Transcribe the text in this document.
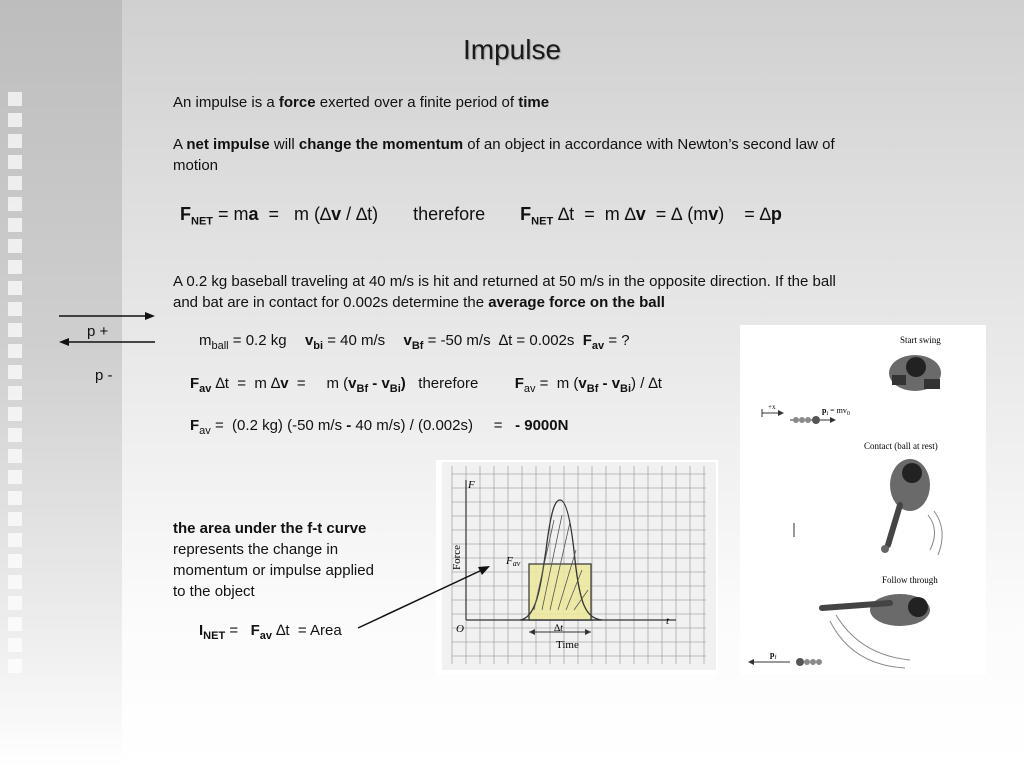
Impulse
An impulse is a force exerted over a finite period of time
A net impulse will change the momentum of an object in accordance with Newton’s second law of
motion
$F_{NET}$ = ma  =   m (∆v / ∆t) therefore $F_{NET}$ ∆t  =  m ∆v  = ∆ (mv)    = ∆p
A 0.2 kg baseball traveling at 40 m/s is hit and returned at 50 m/s in the opposite direction. If the ball
and bat are in contact for 0.002s determine the average force on the ball
p +
p -
$m_{ball} = 0.2$ kg $v_{bi} = 40$ m/s $v_{Bf} = -50$ m/s  ∆t = 0.002s  $F_{av}$ = ?
$F_{av}$ ∆t  =  m ∆v  =     m $(v_{Bf} - v_{Bi})$   therefore $F_{av} = m$ $(v_{Bf} - v_{Bi}) / \Delta t$
$F_{av} = (0.2$ kg) (-50 m/s - 40 m/s) / (0.002s)     =   - 9000N
the area under the f-t curve
represents the change in
momentum or impulse applied
to the object
$I_{NET} = F_{av}$ ∆t  = Area
F
O
t
Force	Fav
∆t
Time
Start swing
Contact (ball at rest)
Follow through
+x	$p_i = mv_0$
$p_f$
